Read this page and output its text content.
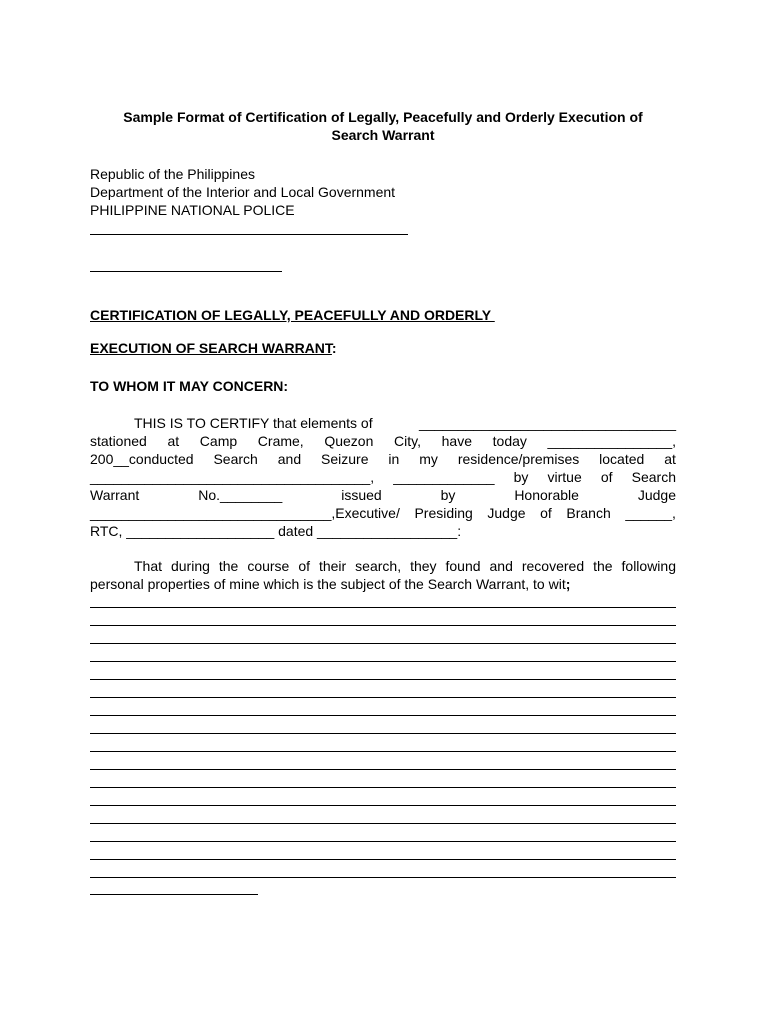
Sample Format of Certification of Legally, Peacefully and Orderly Execution of
Search Warrant
Republic of the Philippines
Department of the Interior and Local Government
PHILIPPINE NATIONAL POLICE
CERTIFICATION OF LEGALLY, PEACEFULLY AND ORDERLY
EXECUTION OF SEARCH WARRANT:
TO WHOM IT MAY CONCERN:
THIS IS TO CERTIFY that elements of	_________________________________
stationed at Camp Crame, Quezon City, have today ________________,
200__conducted Search and Seizure in my residence/premises located at
____________________________________, _____________ by virtue of Search
Warrant	No.________	issued	by	Honorable	Judge
_______________________________,Executive/ Presiding Judge of Branch ______,
RTC, ___________________ dated __________________:
That during the course of their search, they found and recovered the following
personal properties of mine which is the subject of the Search Warrant, to wit;
